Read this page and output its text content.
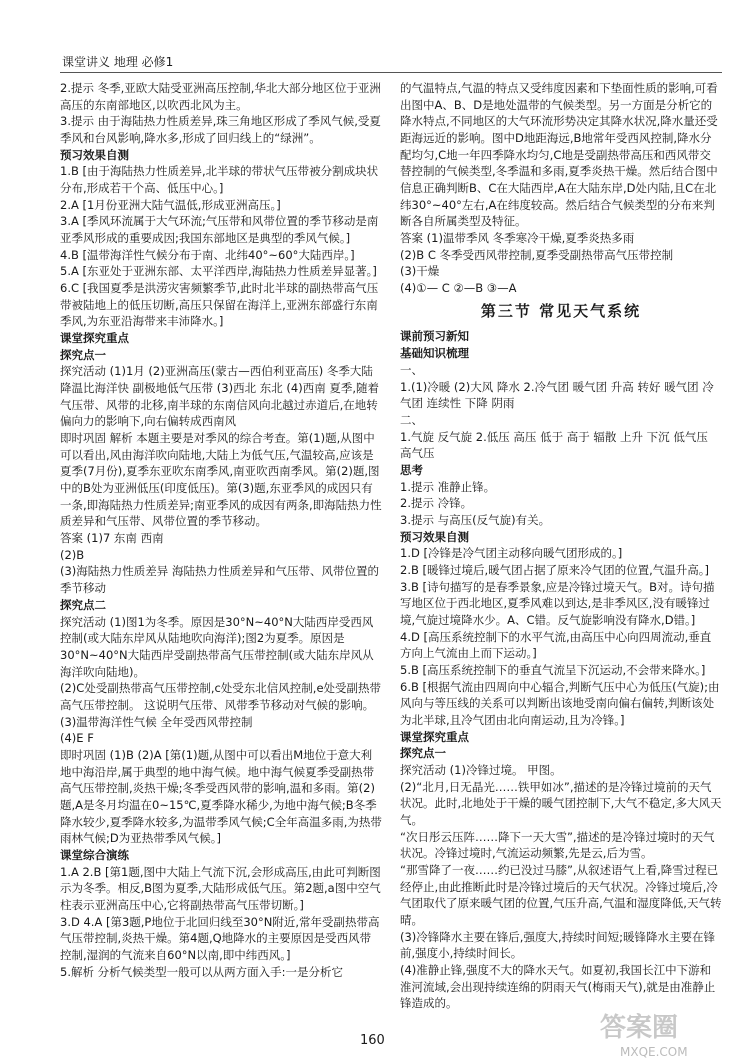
课堂讲义 地理 必修1

2.提示 冬季,亚欧大陆受亚洲高压控制,华北大部分地区位于亚洲高压的东南部地区,以吹西北风为主。

3.提示 由于海陆热力性质差异,珠三角地区形成了季风气候,受夏季风和台风影响,降水多,形成了回归线上的“绿洲”。

预习效果自测

1.B [由于海陆热力性质差异,北半球的带状气压带被分割成块状分布,形成若干个高、低压中心。]

2.A [1月份亚洲大陆气温低,形成亚洲高压。]

3.A [季风环流属于大气环流;气压带和风带位置的季节移动是南亚季风形成的重要成因;我国东部地区是典型的季风气候。]

4.B [温带海洋性气候分布于南、北纬40°~60°大陆西岸。]

5.A [东亚处于亚洲东部、太平洋西岸,海陆热力性质差异显著。]

6.C [我国夏季是洪涝灾害频繁季节,此时北半球的副热带高气压带被陆地上的低压切断,高压只保留在海洋上,亚洲东部盛行东南季风,为东亚沿海带来丰沛降水。]

课堂探究重点

探究点一

探究活动 (1)1月 (2)亚洲高压(蒙古—西伯利亚高压) 冬季大陆降温比海洋快 副极地低气压带 (3)西北 东北 (4)西南 夏季,随着气压带、风带的北移,南半球的东南信风向北越过赤道后,在地转偏向力的影响下,向右偏转成西南风

即时巩固 解析 本题主要是对季风的综合考查。第(1)题,从图中可以看出,风由海洋吹向陆地,大陆上为低气压,气温较高,应该是夏季(7月份),夏季东亚吹东南季风,南亚吹西南季风。第(2)题,图中的B处为亚洲低压(印度低压)。第(3)题,东亚季风的成因只有一条,即海陆热力性质差异;南亚季风的成因有两条,即海陆热力性质差异和气压带、风带位置的季节移动。

答案 (1)7 东南 西南

(2)B

(3)海陆热力性质差异 海陆热力性质差异和气压带、风带位置的季节移动

探究点二

探究活动 (1)图1为冬季。原因是30°N~40°N大陆西岸受西风控制(或大陆东岸风从陆地吹向海洋);图2为夏季。原因是30°N~40°N大陆西岸受副热带高气压带控制(或大陆东岸风从海洋吹向陆地)。

(2)C处受副热带高气压带控制,c处受东北信风控制,e处受副热带高气压带控制。 这说明气压带、风带季节移动对气候的影响。

(3)温带海洋性气候 全年受西风带控制

(4)E F

即时巩固 (1)B (2)A [第(1)题,从图中可以看出M地位于意大利地中海沿岸,属于典型的地中海气候。地中海气候夏季受副热带高气压带控制,炎热干燥;冬季受西风带的影响,温和多雨。第(2)题,A是冬月均温在0~15℃,夏季降水稀少,为地中海气候;B冬季降水较少,夏季降水较多,为温带季风气候;C全年高温多雨,为热带雨林气候;D为亚热带季风气候。]

课堂综合演练

1.A 2.B [第1题,图中大陆上气流下沉,会形成高压,由此可判断图示为冬季。相反,B图为夏季,大陆形成低气压。第2题,a图中空气柱表示亚洲高压中心,它将副热带高气压带切断。]

3.D 4.A [第3题,P地位于北回归线至30°N附近,常年受副热带高气压带控制,炎热干燥。第4题,Q地降水的主要原因是受西风带控制,湿润的气流来自60°N以南,即中纬西风。]

5.解析 分析气候类型一般可以从两方面入手:一是分析它

的气温特点,气温的特点又受纬度因素和下垫面性质的影响,可看出图中A、B、D是地处温带的气候类型。另一方面是分析它的降水特点,不同地区的大气环流形势决定其降水状况,降水量还受距海远近的影响。图中D地距海远,B地常年受西风控制,降水分配均匀,C地一年四季降水均匀,C地是受副热带高压和西风带交替控制的气候类型,冬季温和多雨,夏季炎热干燥。然后结合图中信息正确判断B、C在大陆西岸,A在大陆东岸,D处内陆,且C在北纬30°~40°左右,A在纬度较高。然后结合气候类型的分布来判断各自所属类型及特征。

答案 (1)温带季风 冬季寒冷干燥,夏季炎热多雨

(2)B C 冬季受西风带控制,夏季受副热带高气压带控制

(3)干燥

(4)①— C ②—B ③—A

第三节 常见天气系统

课前预习新知

基础知识梳理

一、

1.(1)冷暖 (2)大风 降水 2.冷气团 暖气团 升高 转好 暖气团 冷气团 连续性 下降 阴雨

二、

1.气旋 反气旋 2.低压 高压 低于 高于 辐散 上升 下沉 低气压 高气压

思考

1.提示 准静止锋。

2.提示 冷锋。

3.提示 与高压(反气旋)有关。

预习效果自测

1.D [冷锋是冷气团主动移向暖气团形成的。]

2.B [暖锋过境后,暖气团占据了原来冷气团的位置,气温升高。]

3.B [诗句描写的是春季景象,应是冷锋过境天气。B对。诗句描写地区位于西北地区,夏季风难以到达,是非季风区,没有暖锋过境,气旋过境降水少。A、C错。反气旋影响没有降水,D错。]

4.D [高压系统控制下的水平气流,由高压中心向四周流动,垂直方向上气流由上而下运动。]

5.B [高压系统控制下的垂直气流呈下沉运动,不会带来降水。]

6.B [根据气流由四周向中心辐合,判断气压中心为低压(气旋);由风向与等压线的关系可以判断出该地受南向偏右偏转,判断该处为北半球,且冷气团由北向南运动,且为冷锋。]

课堂探究重点

探究点一

探究活动 (1)冷锋过境。 甲图。

(2)“北月,日无晶光……铁甲如冰”,描述的是冷锋过境前的天气状况。此时,北地处于干燥的暖气团控制下,大气不稳定,多大风天气。

“次日彤云压阵……降下一天大雪”,描述的是冷锋过境时的天气状况。冷锋过境时,气流运动频繁,先是云,后为雪。

“那雪降了一夜……约已没过马膝”,从叙述语气上看,降雪过程已经停止,由此推断此时是冷锋过境后的天气状况。冷锋过境后,冷气团取代了原来暖气团的位置,气压升高,气温和湿度降低,天气转晴。

(3)冷锋降水主要在锋后,强度大,持续时间短;暖锋降水主要在锋前,强度小,持续时间长。

(4)准静止锋,强度不大的降水天气。如夏初,我国长江中下游和淮河流域,会出现持续连绵的阴雨天气(梅雨天气),就是由准静止锋造成的。

160	答案圈
MXQE.COM
